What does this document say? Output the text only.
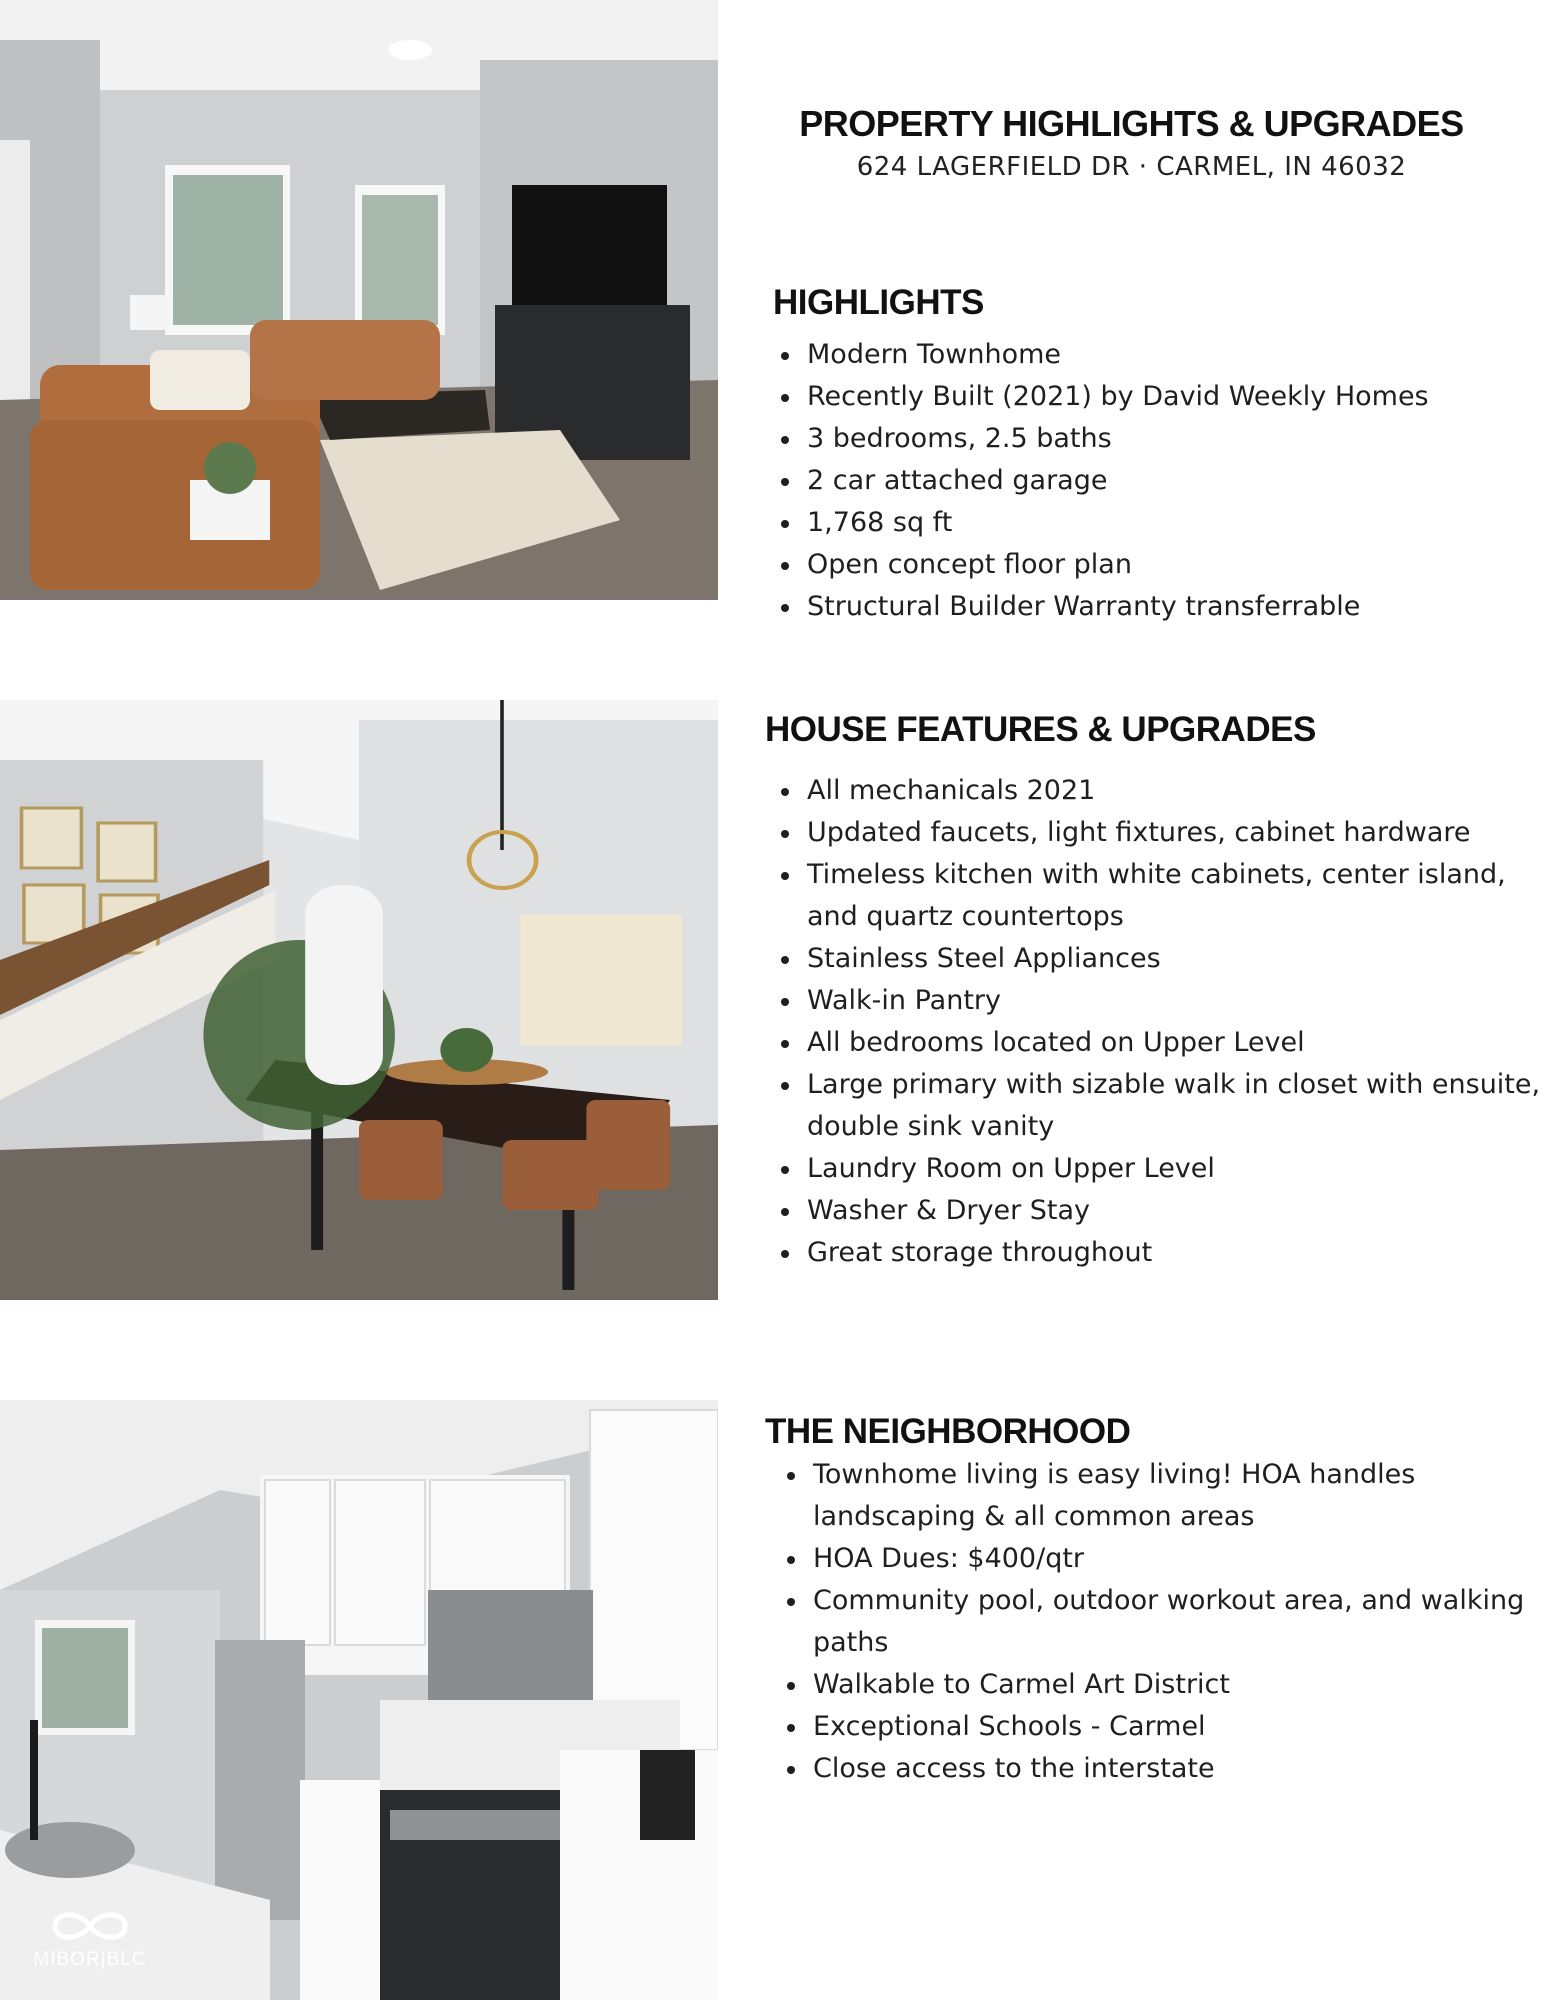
PROPERTY HIGHLIGHTS & UPGRADES
624 LAGERFIELD DR · CARMEL, IN 46032
HIGHLIGHTS
Modern Townhome
Recently Built (2021) by David Weekly Homes
3 bedrooms, 2.5 baths
2 car attached garage
1,768 sq ft
Open concept floor plan
Structural Builder Warranty transferrable
HOUSE FEATURES & UPGRADES
All mechanicals 2021
Updated faucets, light fixtures, cabinet hardware
Timeless kitchen with white cabinets, center island, and quartz countertops
Stainless Steel Appliances
Walk-in Pantry
All bedrooms located on Upper Level
Large primary with sizable walk in closet with ensuite, double sink vanity
Laundry Room on Upper Level
Washer & Dryer Stay
Great storage throughout
THE NEIGHBORHOOD
Townhome living is easy living! HOA handles landscaping & all common areas
HOA Dues: $400/qtr
Community pool, outdoor workout area, and walking paths
Walkable to Carmel Art District
Exceptional Schools - Carmel
Close access to the interstate
MIBOR|BLC
